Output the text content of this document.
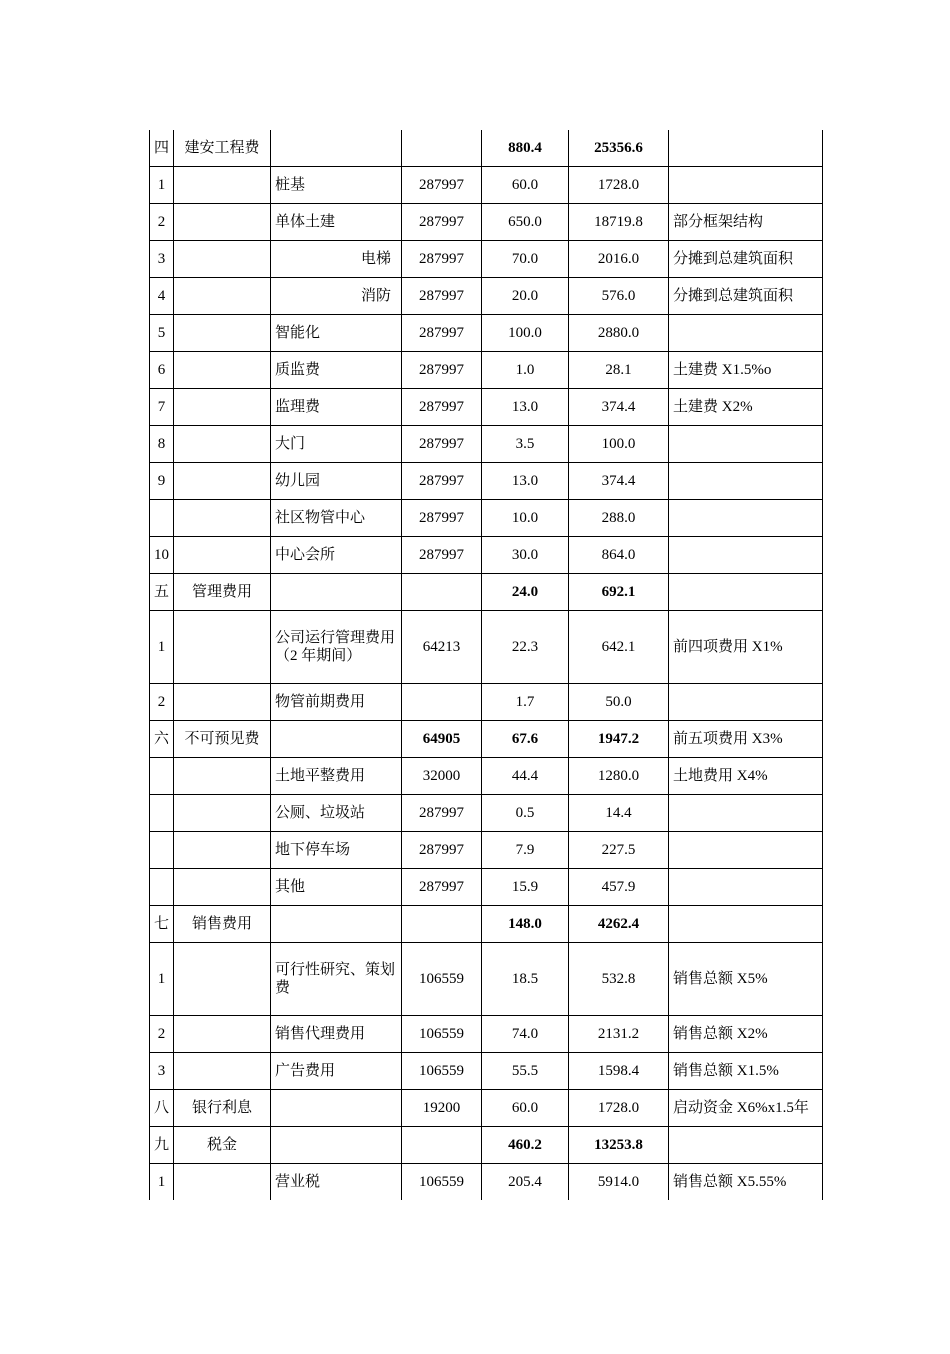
四	建安工程费			880.4	25356.6	
1		桩基	287997	60.0	1728.0	
2		单体土建	287997	650.0	18719.8	部分框架结构
3		电梯	287997	70.0	2016.0	分摊到总建筑面积
4		消防	287997	20.0	576.0	分摊到总建筑面积
5		智能化	287997	100.0	2880.0	
6		质监费	287997	1.0	28.1	土建费 X1.5%o
7		监理费	287997	13.0	374.4	土建费 X2%
8		大门	287997	3.5	100.0	
9		幼儿园	287997	13.0	374.4	
		社区物管中心	287997	10.0	288.0	
10		中心会所	287997	30.0	864.0	
五	管理费用			24.0	692.1	
1		公司运行管理费用（2 年期间）	64213	22.3	642.1	前四项费用 X1%
2		物管前期费用		1.7	50.0	
六	不可预见费		64905	67.6	1947.2	前五项费用 X3%
		土地平整费用	32000	44.4	1280.0	土地费用 X4%
		公厕、垃圾站	287997	0.5	14.4	
		地下停车场	287997	7.9	227.5	
		其他	287997	15.9	457.9	
七	销售费用			148.0	4262.4	
1		可行性研究、策划费	106559	18.5	532.8	销售总额 X5%
2		销售代理费用	106559	74.0	2131.2	销售总额 X2%
3		广告费用	106559	55.5	1598.4	销售总额 X1.5%
八	银行利息		19200	60.0	1728.0	启动资金 X6%x1.5年
九	税金			460.2	13253.8	
1		营业税	106559	205.4	5914.0	销售总额 X5.55%
